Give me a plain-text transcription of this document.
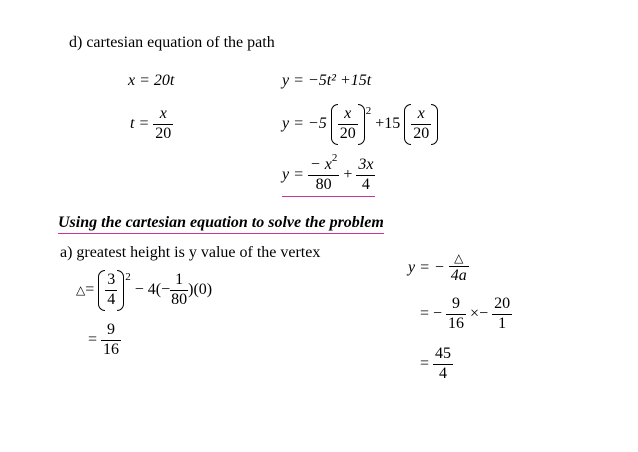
d) cartesian equation of the path
x = 20t
$t = \frac{x}{20}$
y = −5t² +15t
$y = -5 \frac{x}{20} ^2 +15 \frac{x}{20}$
$y = \frac{- x^2}{80} + \frac{3x}{4}$
Using the cartesian equation to solve the problem
a) greatest height is y value of the vertex
△= $\frac{3}{4} ^2 - 4(- \frac{1}{80} )(0)$
= $\frac{9}{16}$
y = − $\frac{\triangle}{4a}$
= − $\frac{9}{16} \times- \frac{20}{1}$
= $\frac{45}{4}$
